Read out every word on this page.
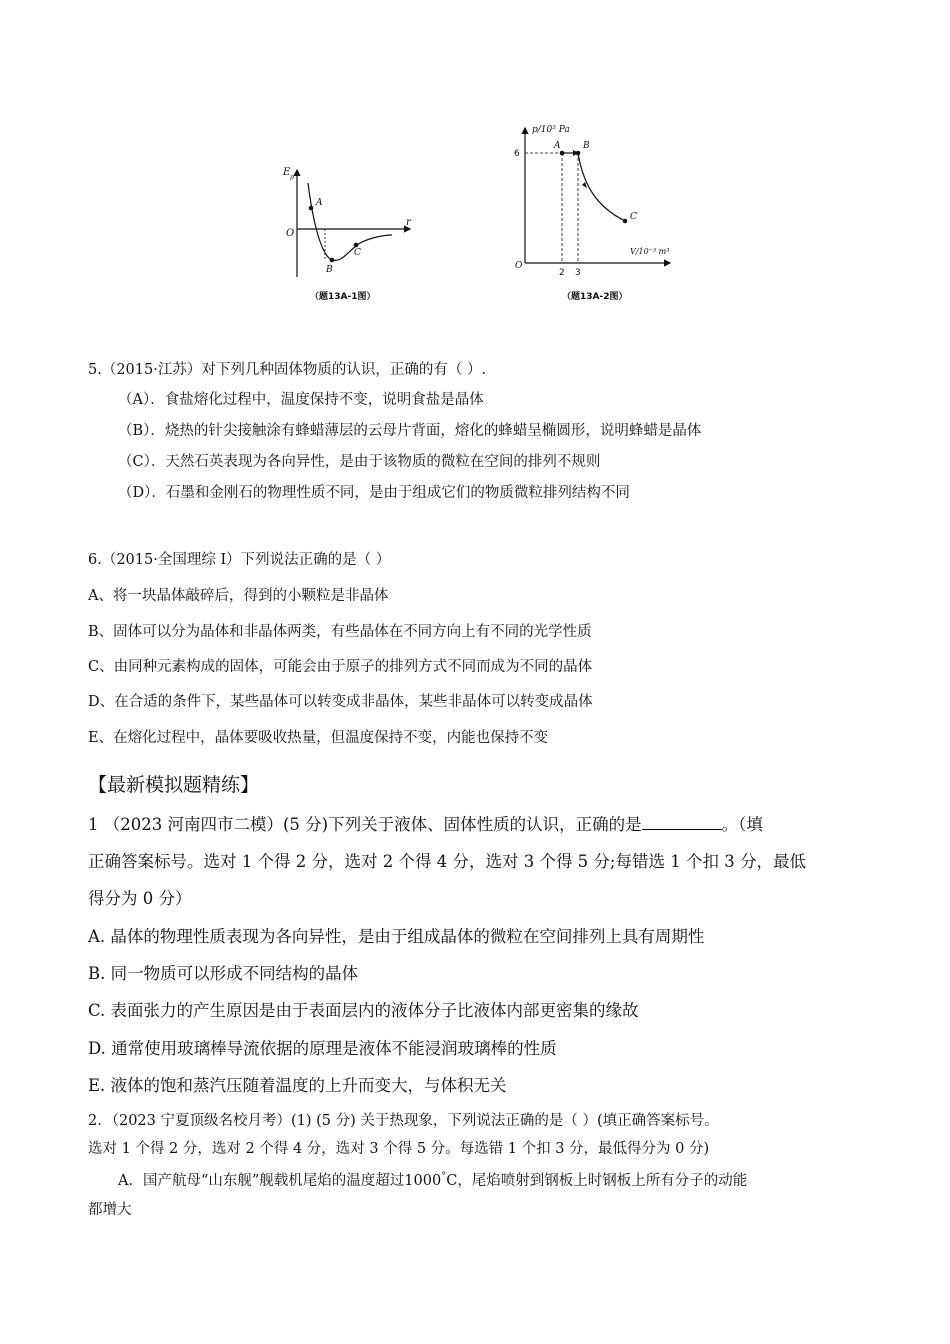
E p
r
O
A
B
C
（题13A-1图）
p/10⁵ Pa
V/10⁻³ m³
6
O
2 3
A	B
C
（题13A-2图）
5.（2015·江苏）对下列几种固体物质的认识，正确的有（ ）.
（A）．食盐熔化过程中，温度保持不变，说明食盐是晶体
（B）．烧热的针尖接触涂有蜂蜡薄层的云母片背面，熔化的蜂蜡呈椭圆形，说明蜂蜡是晶体
（C）．天然石英表现为各向异性，是由于该物质的微粒在空间的排列不规则
（D）．石墨和金刚石的物理性质不同，是由于组成它们的物质微粒排列结构不同
6.（2015·全国理综 I）下列说法正确的是（ ）
A、将一块晶体敲碎后，得到的小颗粒是非晶体
B、固体可以分为晶体和非晶体两类，有些晶体在不同方向上有不同的光学性质
C、由同种元素构成的固体，可能会由于原子的排列方式不同而成为不同的晶体
D、在合适的条件下，某些晶体可以转变成非晶体，某些非晶体可以转变成晶体
E、在熔化过程中，晶体要吸收热量，但温度保持不变，内能也保持不变
【最新模拟题精练】
1 （2023 河南四市二模）(5 分)下列关于液体、固体性质的认识，正确的是	。（填
正确答案标号。选对 1 个得 2 分，选对 2 个得 4 分，选对 3 个得 5 分;每错选 1 个扣 3 分，最低
得分为 0 分）
A. 晶体的物理性质表现为各向异性，是由于组成晶体的微粒在空间排列上具有周期性
B. 同一物质可以形成不同结构的晶体
C. 表面张力的产生原因是由于表面层内的液体分子比液体内部更密集的缘故
D. 通常使用玻璃棒导流依据的原理是液体不能浸润玻璃棒的性质
E. 液体的饱和蒸汽压随着温度的上升而变大，与体积无关
2．（2023 宁夏顶级名校月考）(1) (5 分) 关于热现象，下列说法正确的是（ ）(填正确答案标号。
选对 1 个得 2 分，选对 2 个得 4 分，选对 3 个得 5 分。每选错 1 个扣 3 分，最低得分为 0 分)
A．国产航母“山东舰”舰载机尾焰的温度超过1000°C，尾焰喷射到钢板上时钢板上所有分子的动能
都增大
